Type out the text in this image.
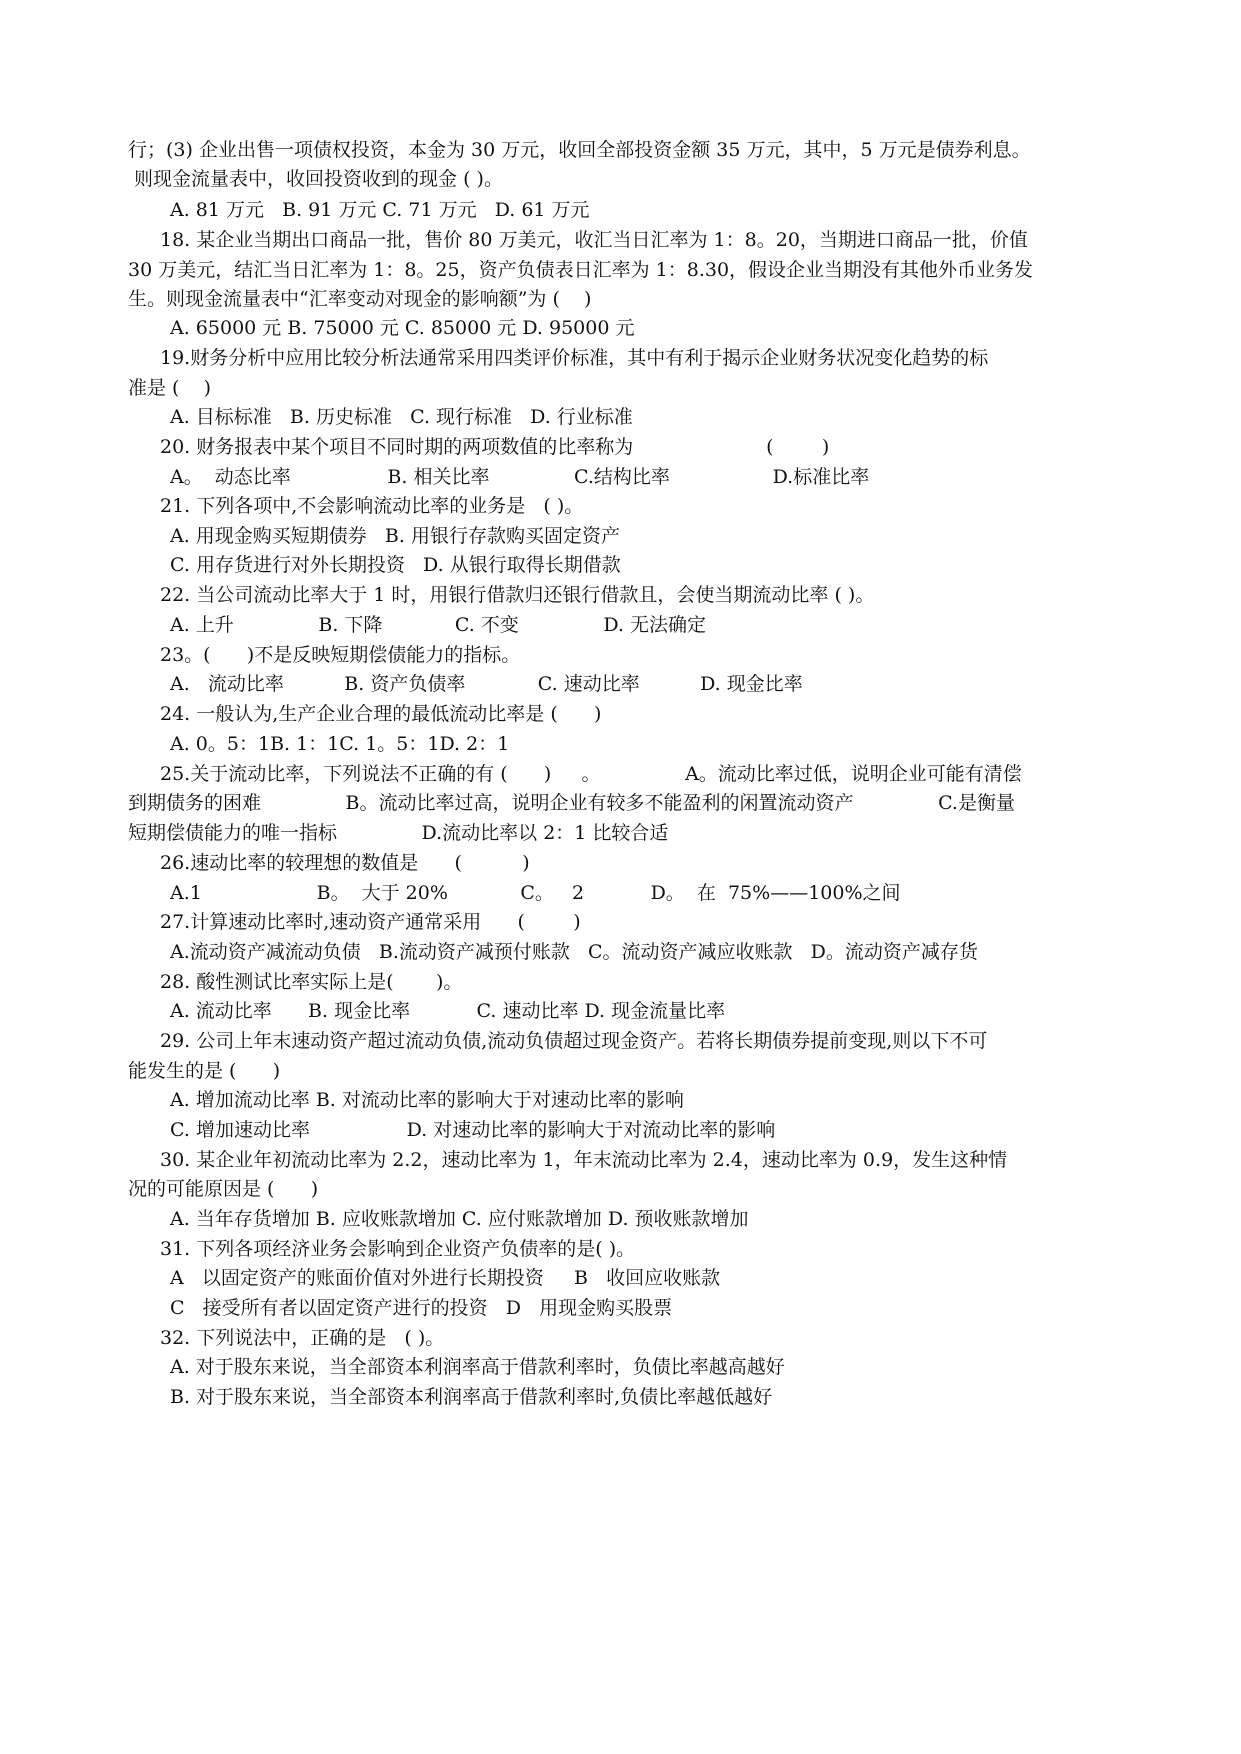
行；(3) 企业出售一项债权投资，本金为 30 万元，收回全部投资金额 35 万元，其中，5 万元是债券利息。
则现金流量表中，收回投资收到的现金 ( )。
A. 81 万元   B. 91 万元 C. 71 万元   D. 61 万元
18. 某企业当期出口商品一批，售价 80 万美元，收汇当日汇率为 1：8。20，当期进口商品一批，价值
30 万美元，结汇当日汇率为 1：8。25，资产负债表日汇率为 1：8.30，假设企业当期没有其他外币业务发
生。则现金流量表中“汇率变动对现金的影响额”为 (    )
A. 65000 元 B. 75000 元 C. 85000 元 D. 95000 元
19.财务分析中应用比较分析法通常采用四类评价标准，其中有利于揭示企业财务状况变化趋势的标
准是 (    )
A. 目标标准   B. 历史标准   C. 现行标准   D. 行业标准
20. 财务报表中某个项目不同时期的两项数值的比率称为                      (        )
A。  动态比率                B. 相关比率              C.结构比率                 D.标准比率
21. 下列各项中,不会影响流动比率的业务是   ( )。
A. 用现金购买短期债券   B. 用银行存款购买固定资产
C. 用存货进行对外长期投资   D. 从银行取得长期借款
22. 当公司流动比率大于 1 时，用银行借款归还银行借款且，会使当期流动比率 ( )。
A. 上升              B. 下降            C. 不变              D. 无法确定
23。(      )不是反映短期偿债能力的指标。
A.   流动比率          B. 资产负债率            C. 速动比率          D. 现金比率
24. 一般认为,生产企业合理的最低流动比率是 (      )
A. 0。5：1B. 1：1C. 1。5：1D. 2：1
25.关于流动比率，下列说法不正确的有 (      )     。              A。流动比率过低，说明企业可能有清偿
到期债务的困难              B。流动比率过高，说明企业有较多不能盈利的闲置流动资产              C.是衡量
短期偿债能力的唯一指标              D.流动比率以 2：1 比较合适
26.速动比率的较理想的数值是      (          )
A.1                   B。  大于 20%            C。   2           D。  在  75%——100%之间
27.计算速动比率时,速动资产通常采用      (        )
A.流动资产减流动负债   B.流动资产减预付账款   C。流动资产减应收账款   D。流动资产减存货
28. 酸性测试比率实际上是(       )。
A. 流动比率      B. 现金比率           C. 速动比率 D. 现金流量比率
29. 公司上年末速动资产超过流动负债,流动负债超过现金资产。若将长期债券提前变现,则以下不可
能发生的是 (      )
A. 增加流动比率 B. 对流动比率的影响大于对速动比率的影响
C. 增加速动比率                D. 对速动比率的影响大于对流动比率的影响
30. 某企业年初流动比率为 2.2，速动比率为 1，年末流动比率为 2.4，速动比率为 0.9，发生这种情
况的可能原因是 (      )
A. 当年存货增加 B. 应收账款增加 C. 应付账款增加 D. 预收账款增加
31. 下列各项经济业务会影响到企业资产负债率的是( )。
A   以固定资产的账面价值对外进行长期投资     B   收回应收账款
C   接受所有者以固定资产进行的投资   D   用现金购买股票
32. 下列说法中，正确的是   ( )。
A. 对于股东来说，当全部资本利润率高于借款利率时，负债比率越高越好
B. 对于股东来说，当全部资本利润率高于借款利率时,负债比率越低越好
